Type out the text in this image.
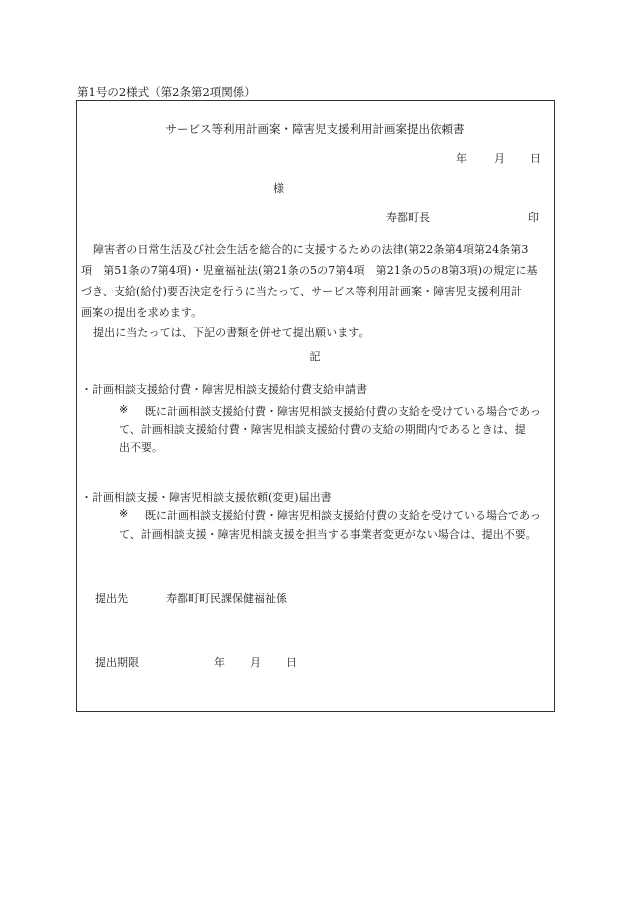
第1号の2様式（第2条第2項関係）
サービス等利用計画案・障害児支援利用計画案提出依頼書
年 月 日
様
寿都町長	印
障害者の日常生活及び社会生活を総合的に支援するための法律(第22条第4項第24条第3
項　第51条の7第4項)・児童福祉法(第21条の5の7第4項　第21条の5の8第3項)の規定に基
づき、支給(給付)要否決定を行うに当たって、サービス等利用計画案・障害児支援利用計
画案の提出を求めます。
提出に当たっては、下記の書類を併せて提出願います。
記
・計画相談支援給付費・障害児相談支援給付費支給申請書
※ 既に計画相談支援給付費・障害児相談支援給付費の支給を受けている場合であっ
て、計画相談支援給付費・障害児相談支援給付費の支給の期間内であるときは、提
出不要。
・計画相談支援・障害児相談支援依頼(変更)届出書
※ 既に計画相談支援給付費・障害児相談支援給付費の支給を受けている場合であっ
て、計画相談支援・障害児相談支援を担当する事業者変更がない場合は、提出不要。
提出先	寿都町町民課保健福祉係
提出期限	年 月 日
